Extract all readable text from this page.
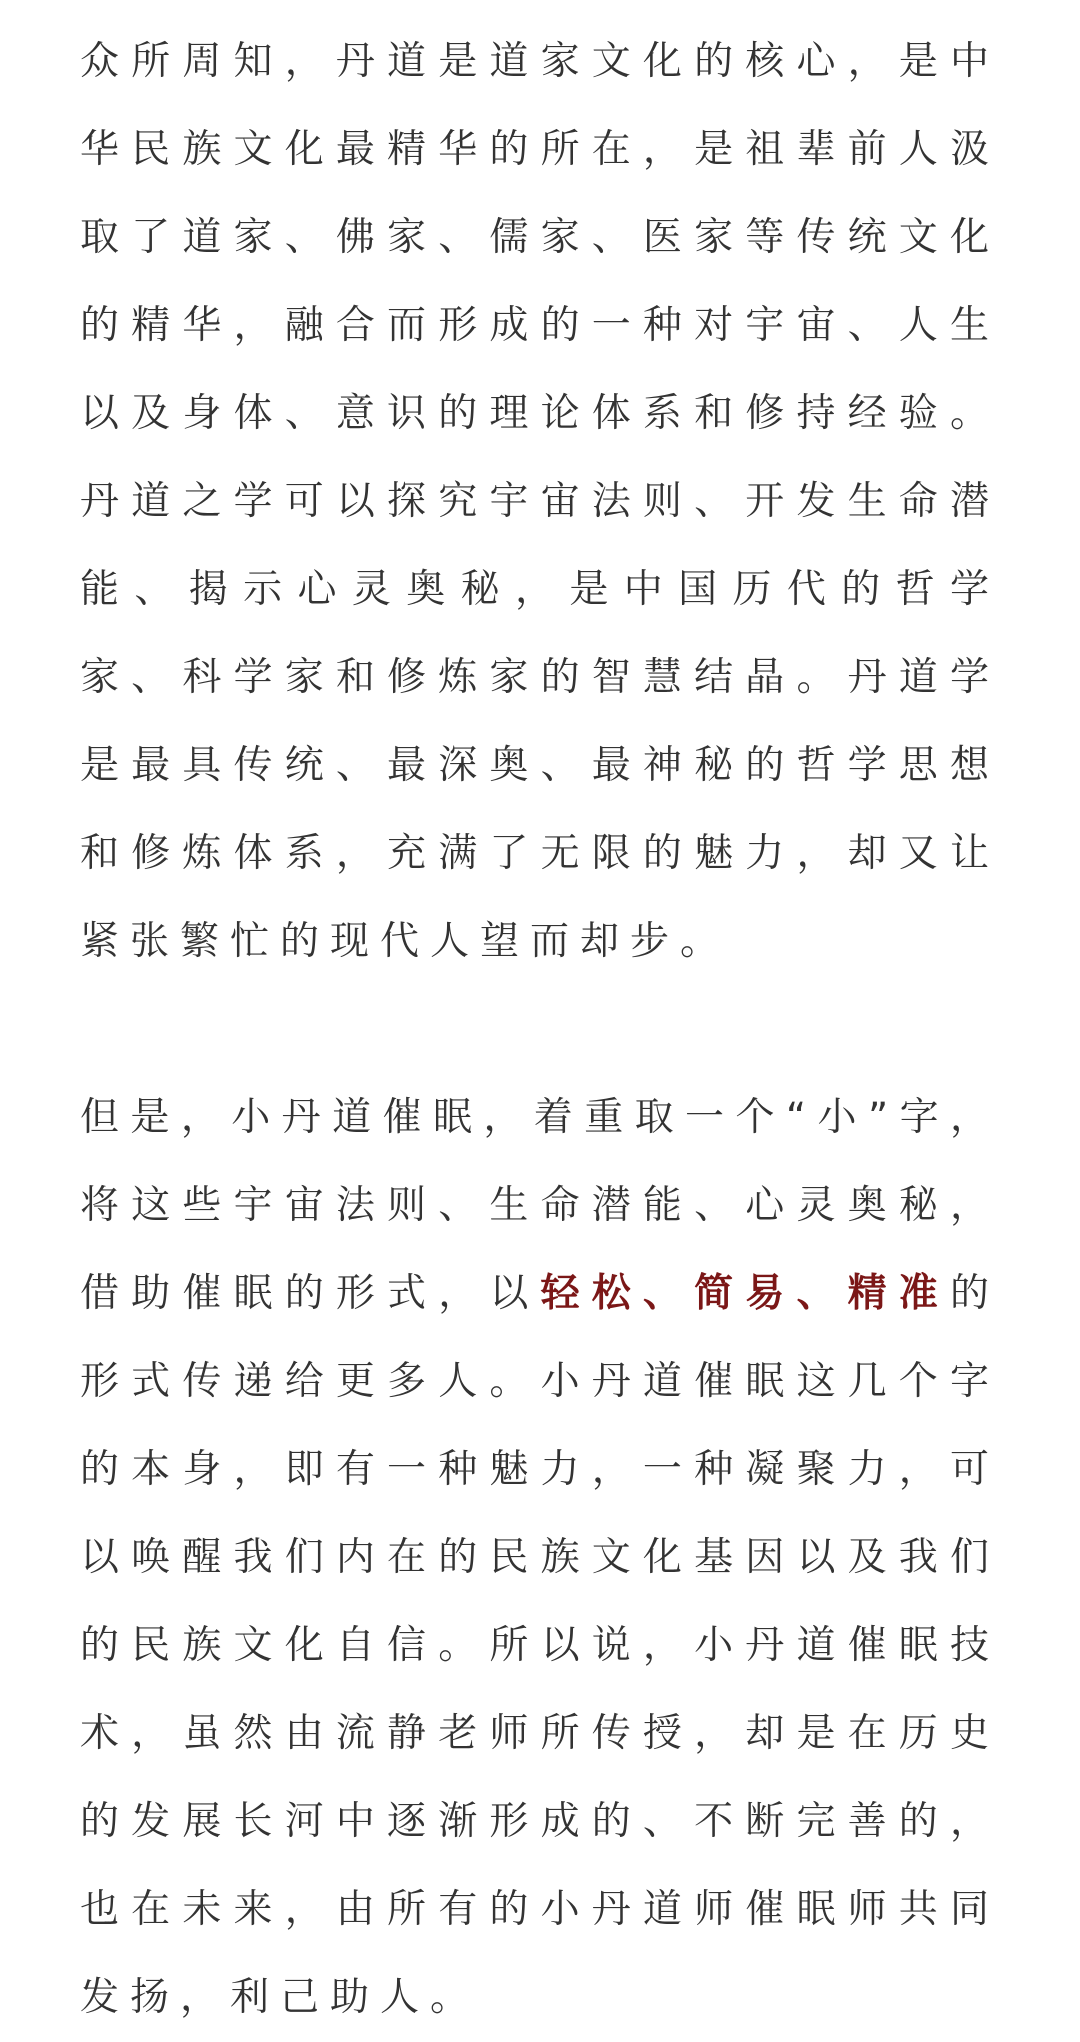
众所周知，丹道是道家文化的核心，是中华民族文化最精华的所在，是祖辈前人汲取了道家、佛家、儒家、医家等传统文化的精华，融合而形成的一种对宇宙、人生以及身体、意识的理论体系和修持经验。丹道之学可以探究宇宙法则、开发生命潜能、揭示心灵奥秘，是中国历代的哲学家、科学家和修炼家的智慧结晶。丹道学是最具传统、最深奥、最神秘的哲学思想和修炼体系，充满了无限的魅力，却又让紧张繁忙的现代人望而却步。

但是，小丹道催眠，着重取一个“小”字，将这些宇宙法则、生命潜能、心灵奥秘，借助催眠的形式，以轻松、简易、精准的形式传递给更多人。小丹道催眠这几个字的本身，即有一种魅力，一种凝聚力，可以唤醒我们内在的民族文化基因以及我们的民族文化自信。所以说，小丹道催眠技术，虽然由流静老师所传授，却是在历史的发展长河中逐渐形成的、不断完善的，也在未来，由所有的小丹道师催眠师共同发扬，利己助人。
